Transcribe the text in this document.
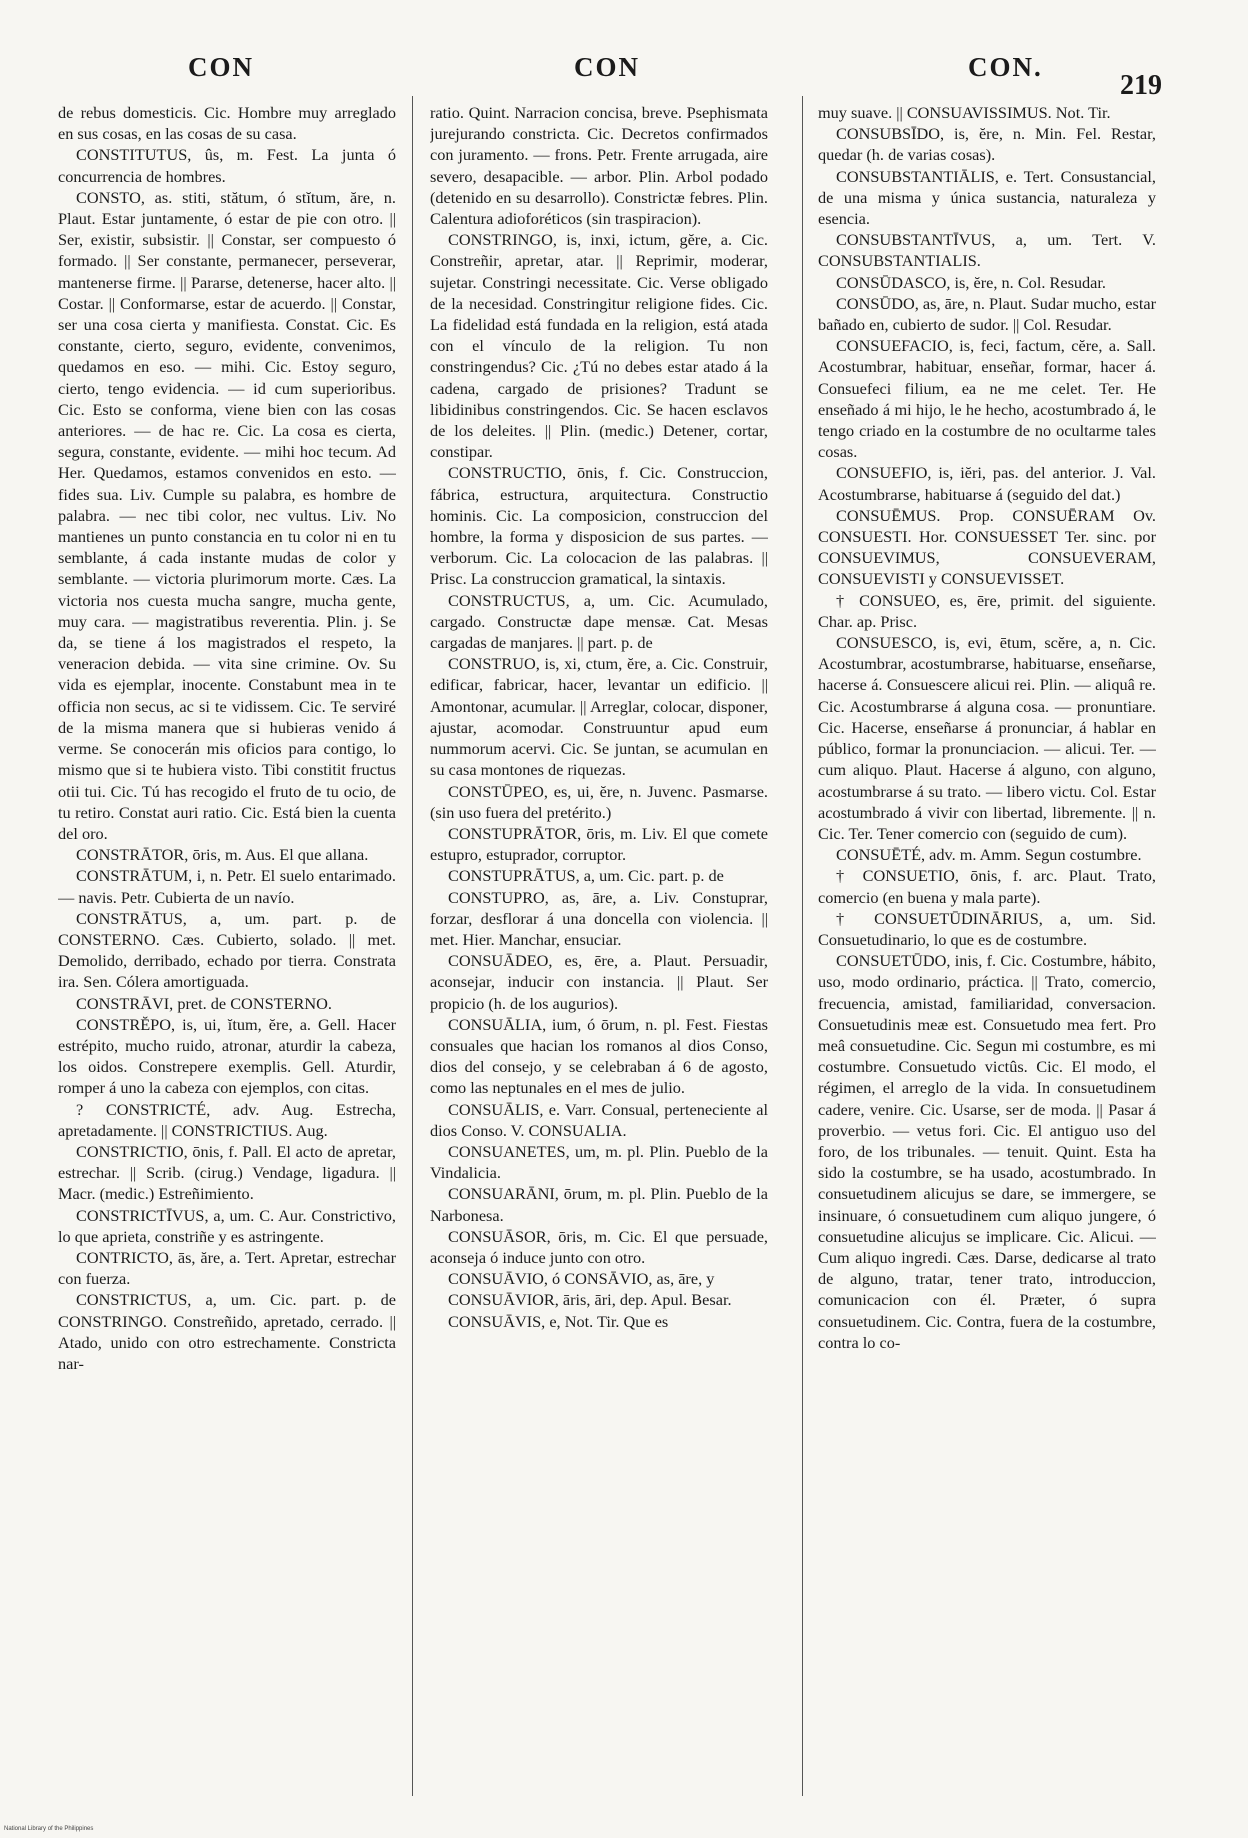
CON	CON	CON.
219

de rebus domesticis. Cic. Hombre muy arreglado en sus cosas, en las cosas de su casa.

CONSTITUTUS, ûs, m. Fest. La junta ó concurrencia de hombres.

CONSTO, as. stiti, stătum, ó stĭtum, ăre, n. Plaut. Estar juntamente, ó estar de pie con otro. || Ser, existir, subsistir. || Constar, ser compuesto ó formado. || Ser constante, permanecer, perseverar, mantenerse firme. || Pararse, detenerse, hacer alto. || Costar. || Conformarse, estar de acuerdo. || Constar, ser una cosa cierta y manifiesta. Constat. Cic. Es constante, cierto, seguro, evidente, convenimos, quedamos en eso. — mihi. Cic. Estoy seguro, cierto, tengo evidencia. — id cum superioribus. Cic. Esto se conforma, viene bien con las cosas anteriores. — de hac re. Cic. La cosa es cierta, segura, constante, evidente. — mihi hoc tecum. Ad Her. Quedamos, estamos convenidos en esto. — fides sua. Liv. Cumple su palabra, es hombre de palabra. — nec tibi color, nec vultus. Liv. No mantienes un punto constancia en tu color ni en tu semblante, á cada instante mudas de color y semblante. — victoria plurimorum morte. Cæs. La victoria nos cuesta mucha sangre, mucha gente, muy cara. — magistratibus reverentia. Plin. j. Se da, se tiene á los magistrados el respeto, la veneracion debida. — vita sine crimine. Ov. Su vida es ejemplar, inocente. Constabunt mea in te officia non secus, ac si te vidissem. Cic. Te serviré de la misma manera que si hubieras venido á verme. Se conocerán mis oficios para contigo, lo mismo que si te hubiera visto. Tibi constitit fructus otii tui. Cic. Tú has recogido el fruto de tu ocio, de tu retiro. Constat auri ratio. Cic. Está bien la cuenta del oro.

CONSTRĀTOR, ōris, m. Aus. El que allana.

CONSTRĀTUM, i, n. Petr. El suelo entarimado. — navis. Petr. Cubierta de un navío.

CONSTRĀTUS, a, um. part. p. de CONSTERNO. Cæs. Cubierto, solado. || met. Demolido, derribado, echado por tierra. Constrata ira. Sen. Cólera amortiguada.

CONSTRĀVI, pret. de CONSTERNO.

CONSTRĔPO, is, ui, ĭtum, ĕre, a. Gell. Hacer estrépito, mucho ruido, atronar, aturdir la cabeza, los oidos. Constrepere exemplis. Gell. Aturdir, romper á uno la cabeza con ejemplos, con citas.

? CONSTRICTÉ, adv. Aug. Estrecha, apretadamente. || CONSTRICTIUS. Aug.

CONSTRICTIO, ōnis, f. Pall. El acto de apretar, estrechar. || Scrib. (cirug.) Vendage, ligadura. || Macr. (medic.) Estreñimiento.

CONSTRICTĪVUS, a, um. C. Aur. Constrictivo, lo que aprieta, constriñe y es astringente.

CONTRICTO, ās, ăre, a. Tert. Apretar, estrechar con fuerza.

CONSTRICTUS, a, um. Cic. part. p. de CONSTRINGO. Constreñido, apretado, cerrado. || Atado, unido con otro estrechamente. Constricta nar-

ratio. Quint. Narracion concisa, breve. Psephismata jurejurando constricta. Cic. Decretos confirmados con juramento. — frons. Petr. Frente arrugada, aire severo, desapacible. — arbor. Plin. Arbol podado (detenido en su desarrollo). Constrictæ febres. Plin. Calentura adioforéticos (sin traspiracion).

CONSTRINGO, is, inxi, ictum, gĕre, a. Cic. Constreñir, apretar, atar. || Reprimir, moderar, sujetar. Constringi necessitate. Cic. Verse obligado de la necesidad. Constringitur religione fides. Cic. La fidelidad está fundada en la religion, está atada con el vínculo de la religion. Tu non constringendus? Cic. ¿Tú no debes estar atado á la cadena, cargado de prisiones? Tradunt se libidinibus constringendos. Cic. Se hacen esclavos de los deleites. || Plin. (medic.) Detener, cortar, constipar.

CONSTRUCTIO, ōnis, f. Cic. Construccion, fábrica, estructura, arquitectura. Constructio hominis. Cic. La composicion, construccion del hombre, la forma y disposicion de sus partes. — verborum. Cic. La colocacion de las palabras. || Prisc. La construccion gramatical, la sintaxis.

CONSTRUCTUS, a, um. Cic. Acumulado, cargado. Constructæ dape mensæ. Cat. Mesas cargadas de manjares. || part. p. de

CONSTRUO, is, xi, ctum, ĕre, a. Cic. Construir, edificar, fabricar, hacer, levantar un edificio. || Amontonar, acumular. || Arreglar, colocar, disponer, ajustar, acomodar. Construuntur apud eum nummorum acervi. Cic. Se juntan, se acumulan en su casa montones de riquezas.

CONSTŪPEO, es, ui, ĕre, n. Juvenc. Pasmarse. (sin uso fuera del pretérito.)

CONSTUPRĀTOR, ōris, m. Liv. El que comete estupro, estuprador, corruptor.

CONSTUPRĀTUS, a, um. Cic. part. p. de

CONSTUPRO, as, āre, a. Liv. Constuprar, forzar, desflorar á una doncella con violencia. || met. Hier. Manchar, ensuciar.

CONSUĀDEO, es, ēre, a. Plaut. Persuadir, aconsejar, inducir con instancia. || Plaut. Ser propicio (h. de los augurios).

CONSUĀLIA, ium, ó ōrum, n. pl. Fest. Fiestas consuales que hacian los romanos al dios Conso, dios del consejo, y se celebraban á 6 de agosto, como las neptunales en el mes de julio.

CONSUĀLIS, e. Varr. Consual, perteneciente al dios Conso. V. CONSUALIA.

CONSUANETES, um, m. pl. Plin. Pueblo de la Vindalicia.

CONSUARĀNI, ōrum, m. pl. Plin. Pueblo de la Narbonesa.

CONSUĀSOR, ōris, m. Cic. El que persuade, aconseja ó induce junto con otro.

CONSUĀVIO, ó CONSĀVIO, as, āre, y

CONSUĀVIOR, āris, āri, dep. Apul. Besar.

CONSUĀVIS, e, Not. Tir. Que es

muy suave. || CONSUAVISSIMUS. Not. Tir.

CONSUBSĪDO, is, ĕre, n. Min. Fel. Restar, quedar (h. de varias cosas).

CONSUBSTANTIĀLIS, e. Tert. Consustancial, de una misma y única sustancia, naturaleza y esencia.

CONSUBSTANTĪVUS, a, um. Tert. V. CONSUBSTANTIALIS.

CONSŪDASCO, is, ĕre, n. Col. Resudar.

CONSŪDO, as, āre, n. Plaut. Sudar mucho, estar bañado en, cubierto de sudor. || Col. Resudar.

CONSUEFACIO, is, feci, factum, cĕre, a. Sall. Acostumbrar, habituar, enseñar, formar, hacer á. Consuefeci filium, ea ne me celet. Ter. He enseñado á mi hijo, le he hecho, acostumbrado á, le tengo criado en la costumbre de no ocultarme tales cosas.

CONSUEFIO, is, iĕri, pas. del anterior. J. Val. Acostumbrarse, habituarse á (seguido del dat.)

CONSUĒMUS. Prop. CONSUĒRAM Ov. CONSUESTI. Hor. CONSUESSET Ter. sinc. por CONSUEVIMUS, CONSUEVERAM, CONSUEVISTI y CONSUEVISSET.

† CONSUEO, es, ēre, primit. del siguiente. Char. ap. Prisc.

CONSUESCO, is, evi, ētum, scĕre, a, n. Cic. Acostumbrar, acostumbrarse, habituarse, enseñarse, hacerse á. Consuescere alicui rei. Plin. — aliquâ re. Cic. Acostumbrarse á alguna cosa. — pronuntiare. Cic. Hacerse, enseñarse á pronunciar, á hablar en público, formar la pronunciacion. — alicui. Ter. — cum aliquo. Plaut. Hacerse á alguno, con alguno, acostumbrarse á su trato. — libero victu. Col. Estar acostumbrado á vivir con libertad, libremente. || n. Cic. Ter. Tener comercio con (seguido de cum).

CONSUĒTÉ, adv. m. Amm. Segun costumbre.

† CONSUETIO, ōnis, f. arc. Plaut. Trato, comercio (en buena y mala parte).

† CONSUETŪDINĀRIUS, a, um. Sid. Consuetudinario, lo que es de costumbre.

CONSUETŪDO, inis, f. Cic. Costumbre, hábito, uso, modo ordinario, práctica. || Trato, comercio, frecuencia, amistad, familiaridad, conversacion. Consuetudinis meæ est. Consuetudo mea fert. Pro meâ consuetudine. Cic. Segun mi costumbre, es mi costumbre. Consuetudo victûs. Cic. El modo, el régimen, el arreglo de la vida. In consuetudinem cadere, venire. Cic. Usarse, ser de moda. || Pasar á proverbio. — vetus fori. Cic. El antiguo uso del foro, de los tribunales. — tenuit. Quint. Esta ha sido la costumbre, se ha usado, acostumbrado. In consuetudinem alicujus se dare, se immergere, se insinuare, ó consuetudinem cum aliquo jungere, ó consuetudine alicujus se implicare. Cic. Alicui. — Cum aliquo ingredi. Cæs. Darse, dedicarse al trato de alguno, tratar, tener trato, introduccion, comunicacion con él. Præter, ó supra consuetudinem. Cic. Contra, fuera de la costumbre, contra lo co-

National Library of the Philippines
